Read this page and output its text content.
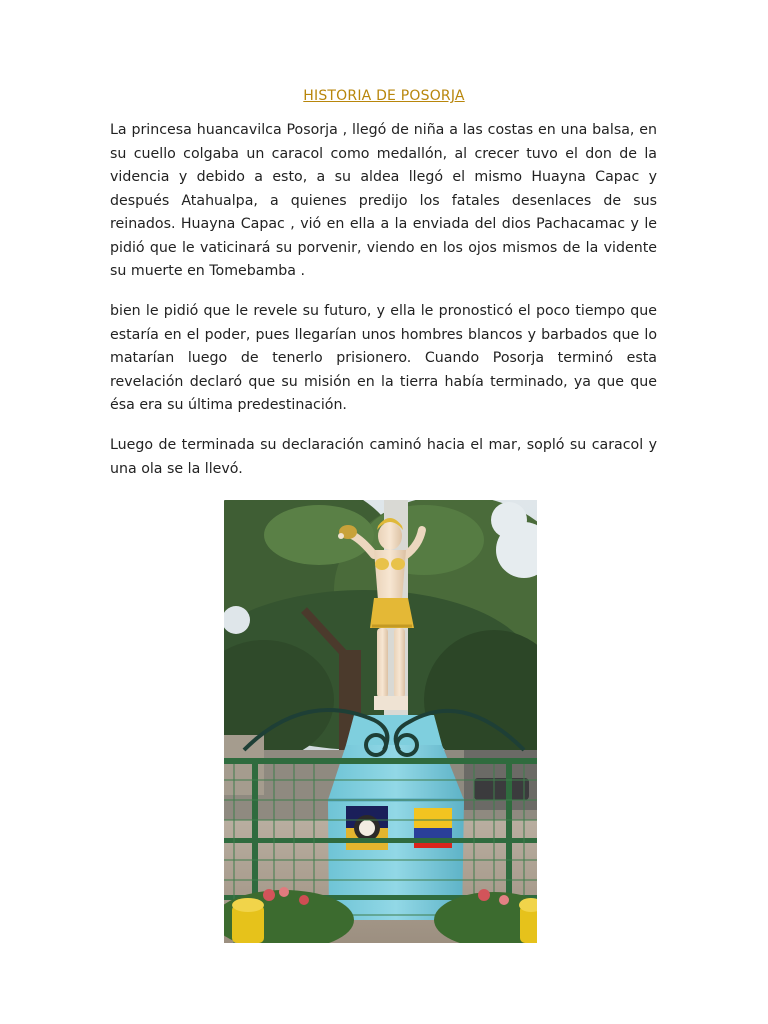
HISTORIA DE POSORJA

La princesa huancavilca Posorja , llegó de niña a las costas en una balsa, en su cuello colgaba un caracol como medallón, al crecer tuvo el don de la videncia y debido a esto, a su aldea llegó el mismo Huayna Capac y después Atahualpa, a quienes predijo los fatales desenlaces de sus reinados. Huayna Capac , vió en ella a la enviada del dios Pachacamac y le pidió que le vaticinará su porvenir, viendo en los ojos mismos de la vidente su muerte en Tomebamba .

bien le pidió que le revele su futuro, y ella le pronosticó el poco tiempo que estaría en el poder, pues llegarían unos hombres blancos y barbados que lo matarían luego de tenerlo prisionero. Cuando Posorja terminó esta revelación declaró que su misión en la tierra había terminado, ya que que ésa era su última predestinación.

Luego de terminada su declaración caminó hacia el mar, sopló su caracol y una ola se la llevó.
